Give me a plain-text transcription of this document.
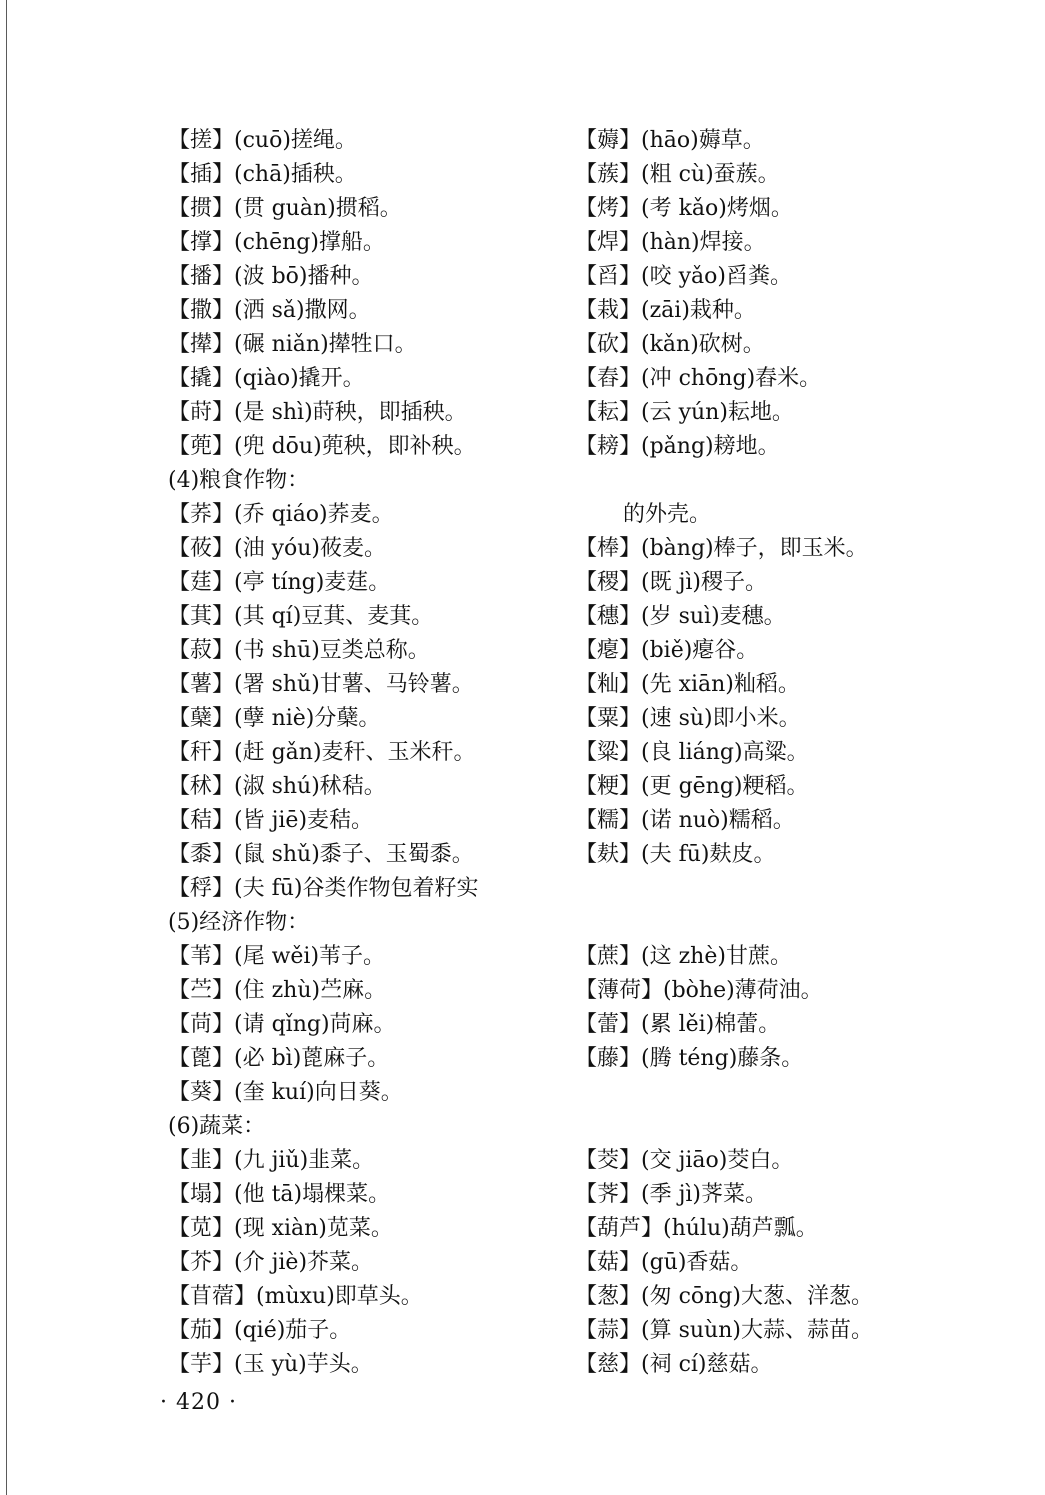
【搓】(cuō)搓绳。
【插】(chā)插秧。
【掼】(贯 guàn)掼稻。
【撑】(chēng)撑船。
【播】(波 bō)播种。
【撒】(洒 sǎ)撒网。
【撵】(碾 niǎn)撵牲口。
【撬】(qiào)撬开。
【莳】(是 shì)莳秧，即插秧。
【蔸】(兜 dōu)蔸秧，即补秧。
(4)粮食作物：
【荞】(乔 qiáo)荞麦。
【莜】(油 yóu)莜麦。
【莛】(亭 tíng)麦莛。
【萁】(其 qí)豆萁、麦萁。
【菽】(书 shū)豆类总称。
【薯】(署 shǔ)甘薯、马铃薯。
【蘖】(孽 niè)分蘖。
【秆】(赶 gǎn)麦秆、玉米秆。
【秫】(淑 shú)秫秸。
【秸】(皆 jiē)麦秸。
【黍】(鼠 shǔ)黍子、玉蜀黍。
【稃】(夫 fū)谷类作物包着籽实
(5)经济作物：
【苇】(尾 wěi)苇子。
【苎】(住 zhù)苎麻。
【苘】(请 qǐng)苘麻。
【蓖】(必 bì)蓖麻子。
【葵】(奎 kuí)向日葵。
(6)蔬菜：
【韭】(九 jiǔ)韭菜。
【塌】(他 tā)塌棵菜。
【苋】(现 xiàn)苋菜。
【芥】(介 jiè)芥菜。
【苜蓿】(mùxu)即草头。
【茄】(qié)茄子。
【芋】(玉 yù)芋头。
【薅】(hāo)薅草。
【蔟】(粗 cù)蚕蔟。
【烤】(考 kǎo)烤烟。
【焊】(hàn)焊接。
【舀】(咬 yǎo)舀粪。
【栽】(zāi)栽种。
【砍】(kǎn)砍树。
【舂】(冲 chōng)舂米。
【耘】(云 yún)耘地。
【耪】(pǎng)耪地。
的外壳。
【棒】(bàng)棒子，即玉米。
【稷】(既 jì)稷子。
【穗】(岁 suì)麦穗。
【瘪】(biě)瘪谷。
【籼】(先 xiān)籼稻。
【粟】(速 sù)即小米。
【粱】(良 liáng)高粱。
【粳】(更 gēng)粳稻。
【糯】(诺 nuò)糯稻。
【麸】(夫 fū)麸皮。
【蔗】(这 zhè)甘蔗。
【薄荷】(bòhe)薄荷油。
【蕾】(累 lěi)棉蕾。
【藤】(腾 téng)藤条。
【茭】(交 jiāo)茭白。
【荠】(季 jì)荠菜。
【葫芦】(húlu)葫芦瓢。
【菇】(gū)香菇。
【葱】(匆 cōng)大葱、洋葱。
【蒜】(算 suùn)大蒜、蒜苗。
【慈】(祠 cí)慈菇。
· 420 ·
